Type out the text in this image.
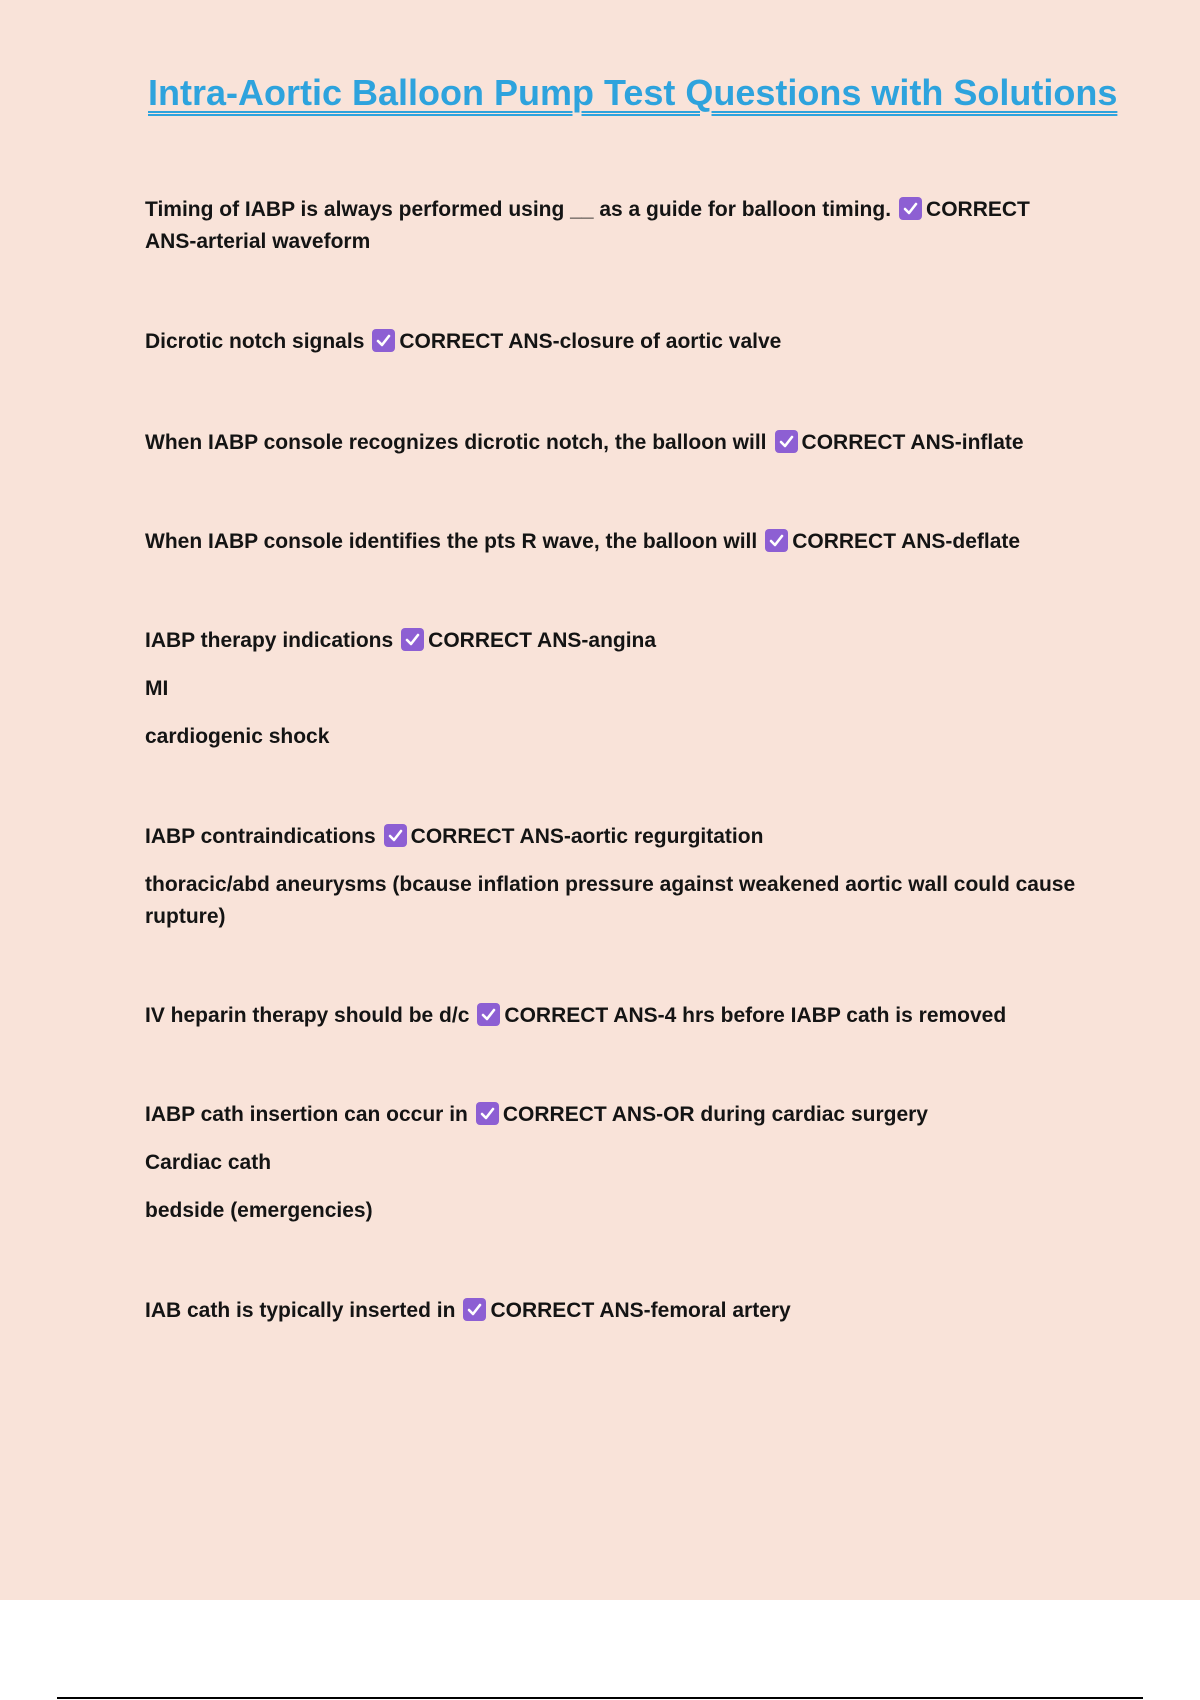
Intra-Aortic Balloon Pump Test Questions with Solutions
Timing of IABP is always performed using __ as a guide for balloon timing. CORRECT ANS-arterial waveform
Dicrotic notch signals CORRECT ANS-closure of aortic valve
When IABP console recognizes dicrotic notch, the balloon will CORRECT ANS-inflate
When IABP console identifies the pts R wave, the balloon will CORRECT ANS-deflate
IABP therapy indications CORRECT ANS-angina
MI
cardiogenic shock
IABP contraindications CORRECT ANS-aortic regurgitation
thoracic/abd aneurysms (bcause inflation pressure against weakened aortic wall could cause rupture)
IV heparin therapy should be d/c CORRECT ANS-4 hrs before IABP cath is removed
IABP cath insertion can occur in CORRECT ANS-OR during cardiac surgery
Cardiac cath
bedside (emergencies)
IAB cath is typically inserted in CORRECT ANS-femoral artery
